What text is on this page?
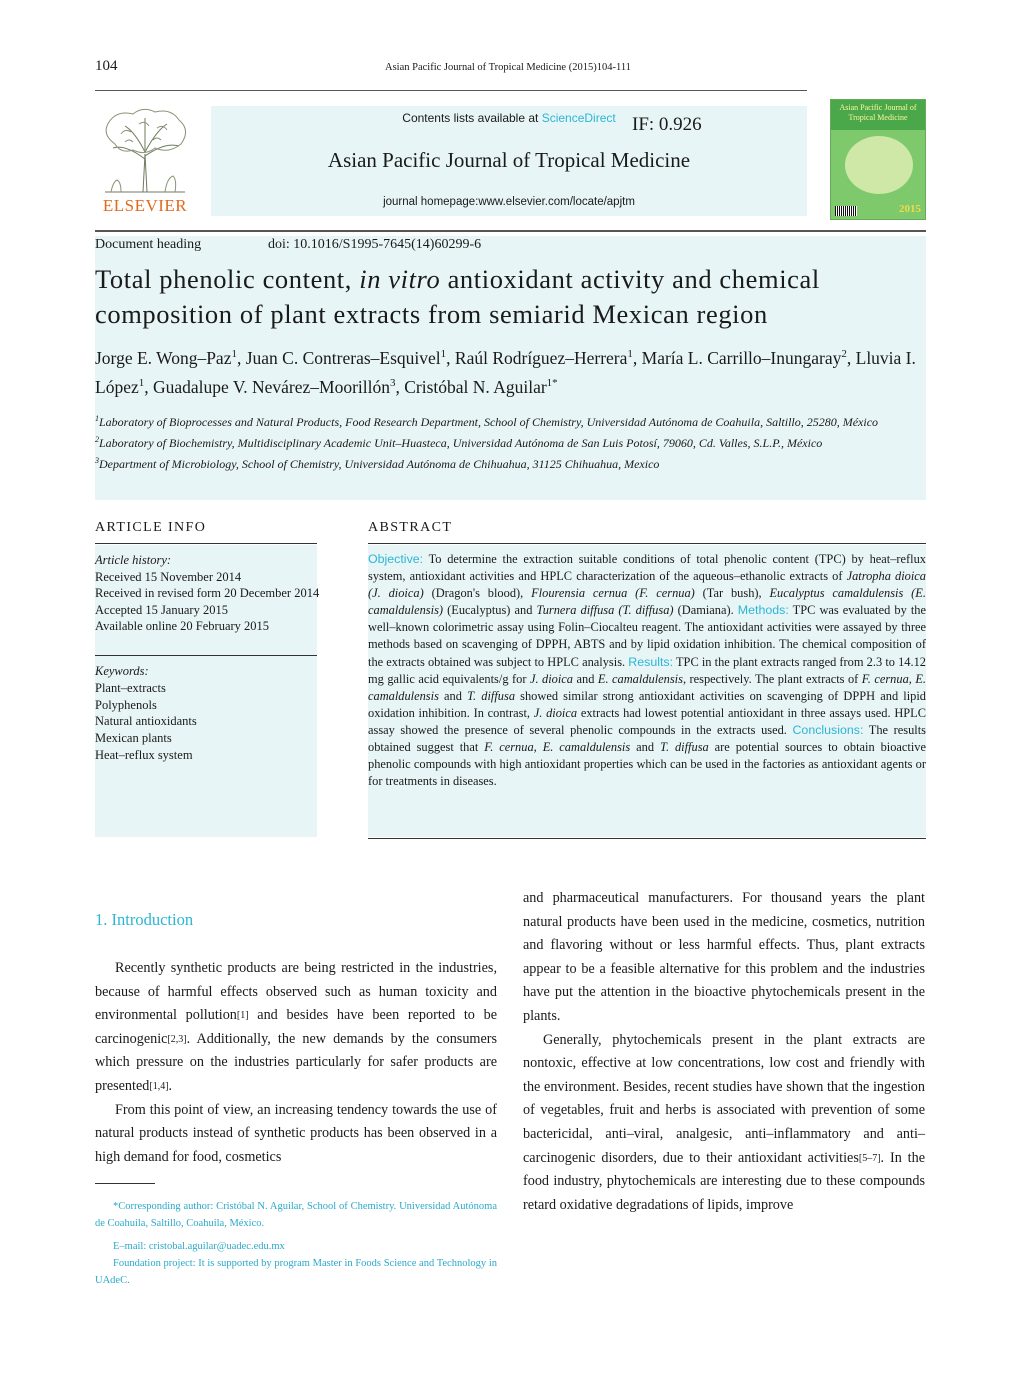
104	Asian Pacific Journal of Tropical Medicine (2015)104-111
ELSEVIER
Contents lists available at ScienceDirect IF: 0.926
Asian Pacific Journal of Tropical Medicine
journal homepage:www.elsevier.com/locate/apjtm
Asian Pacific Journal of Tropical Medicine
2015
Document heading	doi: 10.1016/S1995-7645(14)60299-6
Total phenolic content, in vitro antioxidant activity and chemical composition of plant extracts from semiarid Mexican region
Jorge E. Wong–Paz$^1$, Juan C. Contreras–Esquivel$^1$, Raúl Rodríguez–Herrera$^1$, María L. Carrillo–Inungaray$^2$, Lluvia I. López$^1$, Guadalupe V. Nevárez–Moorillón$^3$, Cristóbal N. Aguilar$^{1*}$

$^1$Laboratory of Bioprocesses and Natural Products, Food Research Department, School of Chemistry, Universidad Autónoma de Coahuila, Saltillo, 25280, México

$^2$Laboratory of Biochemistry, Multidisciplinary Academic Unit–Huasteca, Universidad Autónoma de San Luis Potosí, 79060, Cd. Valles, S.L.P., México

$^3$Department of Microbiology, School of Chemistry, Universidad Autónoma de Chihuahua, 31125 Chihuahua, Mexico

ARTICLE INFO	ABSTRACT
Article history:
Received 15 November 2014
Received in revised form 20 December 2014
Accepted 15 January 2015
Available online 20 February 2015
Keywords:
Plant–extracts
Polyphenols
Natural antioxidants
Mexican plants
Heat–reflux system
Objective: To determine the extraction suitable conditions of total phenolic content (TPC) by heat–reflux system, antioxidant activities and HPLC characterization of the aqueous–ethanolic extracts of Jatropha dioica (J. dioica) (Dragon's blood), Flourensia cernua (F. cernua) (Tar bush), Eucalyptus camaldulensis (E. camaldulensis) (Eucalyptus) and Turnera diffusa (T. diffusa) (Damiana). Methods: TPC was evaluated by the well–known colorimetric assay using Folin–Ciocalteu reagent. The antioxidant activities were assayed by three methods based on scavenging of DPPH, ABTS and by lipid oxidation inhibition. The chemical composition of the extracts obtained was subject to HPLC analysis. Results: TPC in the plant extracts ranged from 2.3 to 14.12 mg gallic acid equivalents/g for J. dioica and E. camaldulensis, respectively. The plant extracts of F. cernua, E. camaldulensis and T. diffusa showed similar strong antioxidant activities on scavenging of DPPH and lipid oxidation inhibition. In contrast, J. dioica extracts had lowest potential antioxidant in three assays used. HPLC assay showed the presence of several phenolic compounds in the extracts used. Conclusions: The results obtained suggest that F. cernua, E. camaldulensis and T. diffusa are potential sources to obtain bioactive phenolic compounds with high antioxidant properties which can be used in the factories as antioxidant agents or for treatments in diseases.
1. Introduction

Recently synthetic products are being restricted in the industries, because of harmful effects observed such as human toxicity and environmental pollution[1] and besides have been reported to be carcinogenic[2,3]. Additionally, the new demands by the consumers which pressure on the industries particularly for safer products are presented[1,4].

From this point of view, an increasing tendency towards the use of natural products instead of synthetic products has been observed in a high demand for food, cosmetics

and pharmaceutical manufacturers. For thousand years the plant natural products have been used in the medicine, cosmetics, nutrition and flavoring without or less harmful effects. Thus, plant extracts appear to be a feasible alternative for this problem and the industries have put the attention in the bioactive phytochemicals present in the plants.

Generally, phytochemicals present in the plant extracts are nontoxic, effective at low concentrations, low cost and friendly with the environment. Besides, recent studies have shown that the ingestion of vegetables, fruit and herbs is associated with prevention of some bactericidal, anti–viral, analgesic, anti–inflammatory and anti–carcinogenic disorders, due to their antioxidant activities[5–7]. In the food industry, phytochemicals are interesting due to these compounds retard oxidative degradations of lipids, improve

*Corresponding author: Cristóbal N. Aguilar, School of Chemistry. Universidad Autónoma de Coahuila, Saltillo, Coahuila, México.

E–mail: cristobal.aguilar@uadec.edu.mx

Foundation project: It is supported by program Master in Foods Science and Technology in UAdeC.
